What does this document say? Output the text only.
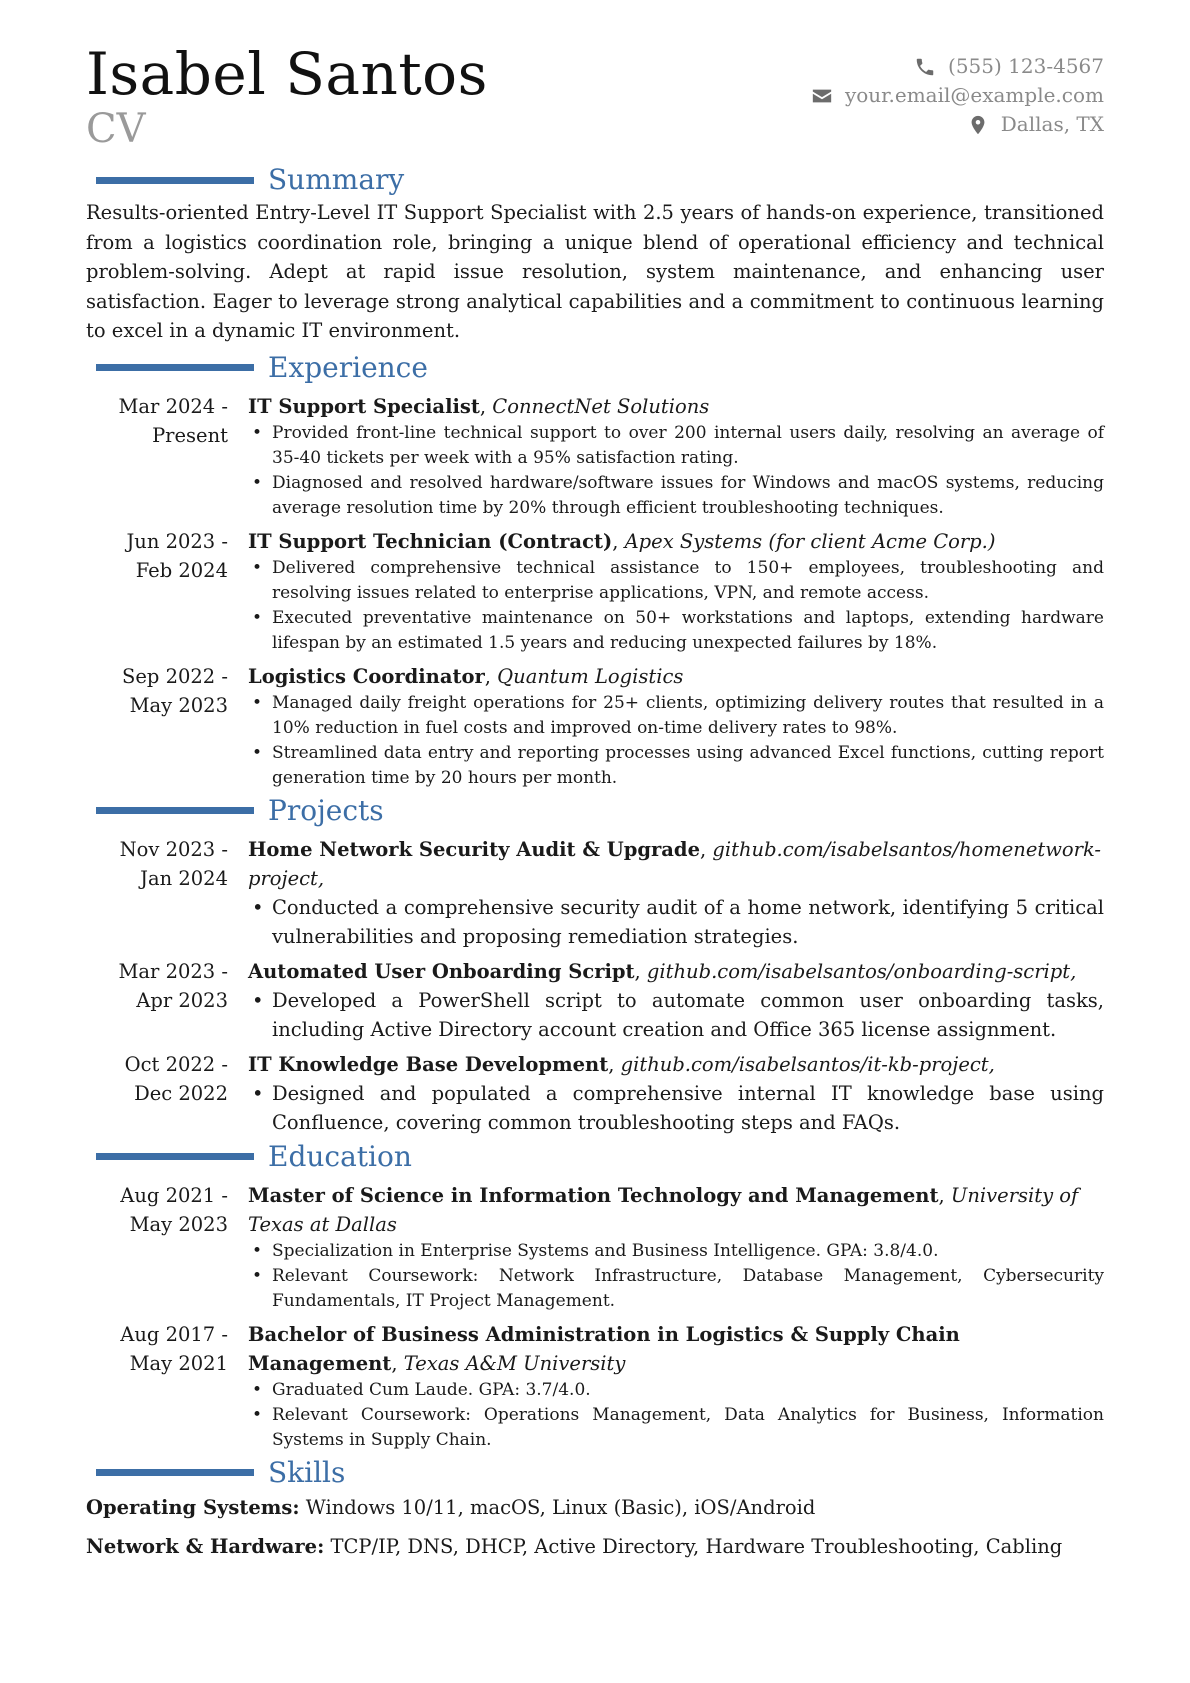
Isabel Santos
CV
(555) 123-4567
your.email@example.com
Dallas, TX
Summary

Results-oriented Entry-Level IT Support Specialist with 2.5 years of hands-on experience, transitioned from a logistics coordination role, bringing a unique blend of operational efficiency and technical problem-solving. Adept at rapid issue resolution, system maintenance, and enhancing user satisfaction. Eager to leverage strong analytical capabilities and a commitment to continuous learning to excel in a dynamic IT environment.

Experience
Mar 2024 - Present
IT Support Specialist, ConnectNet Solutions
• Provided front-line technical support to over 200 internal users daily, resolving an average of 35-40 tickets per week with a 95% satisfaction rating.
• Diagnosed and resolved hardware/software issues for Windows and macOS systems, reducing average resolution time by 20% through efficient troubleshooting techniques.
Jun 2023 - Feb 2024
IT Support Technician (Contract), Apex Systems (for client Acme Corp.)
• Delivered comprehensive technical assistance to 150+ employees, troubleshooting and resolving issues related to enterprise applications, VPN, and remote access.
• Executed preventative maintenance on 50+ workstations and laptops, extending hardware lifespan by an estimated 1.5 years and reducing unexpected failures by 18%.
Sep 2022 - May 2023
Logistics Coordinator, Quantum Logistics
• Managed daily freight operations for 25+ clients, optimizing delivery routes that resulted in a 10% reduction in fuel costs and improved on-time delivery rates to 98%.
• Streamlined data entry and reporting processes using advanced Excel functions, cutting report generation time by 20 hours per month.
Projects
Nov 2023 - Jan 2024
Home Network Security Audit & Upgrade, github.com/isabelsantos/homenetwork-project,
• Conducted a comprehensive security audit of a home network, identifying 5 critical vulnerabilities and proposing remediation strategies.
Mar 2023 - Apr 2023
Automated User Onboarding Script, github.com/isabelsantos/onboarding-script,
• Developed a PowerShell script to automate common user onboarding tasks, including Active Directory account creation and Office 365 license assignment.
Oct 2022 - Dec 2022
IT Knowledge Base Development, github.com/isabelsantos/it-kb-project,
• Designed and populated a comprehensive internal IT knowledge base using Confluence, covering common troubleshooting steps and FAQs.
Education
Aug 2021 - May 2023
Master of Science in Information Technology and Management, University of Texas at Dallas
• Specialization in Enterprise Systems and Business Intelligence. GPA: 3.8/4.0.
• Relevant Coursework: Network Infrastructure, Database Management, Cybersecurity Fundamentals, IT Project Management.
Aug 2017 - May 2021
Bachelor of Business Administration in Logistics & Supply Chain Management, Texas A&M University
• Graduated Cum Laude. GPA: 3.7/4.0.
• Relevant Coursework: Operations Management, Data Analytics for Business, Information Systems in Supply Chain.
Skills
Operating Systems: Windows 10/11, macOS, Linux (Basic), iOS/Android
Network & Hardware: TCP/IP, DNS, DHCP, Active Directory, Hardware Troubleshooting, Cabling
